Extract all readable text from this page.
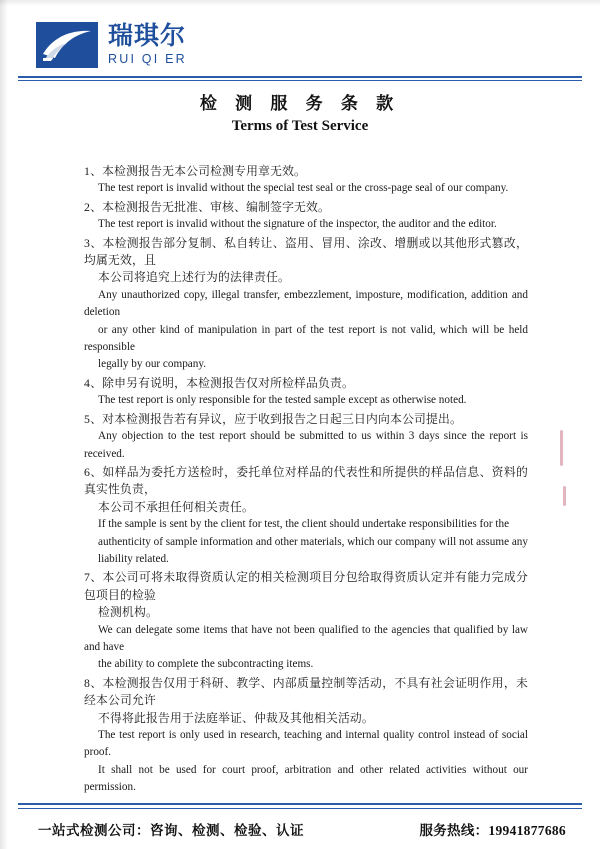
瑞琪尔
RUI QI ER
检 测 服 务 条 款
Terms of Test Service
1、本检测报告无本公司检测专用章无效。
The test report is invalid without the special test seal or the cross-page seal of our company.
2、本检测报告无批准、审核、编制签字无效。
The test report is invalid without the signature of the inspector, the auditor and the editor.
3、本检测报告部分复制、私自转让、盗用、冒用、涂改、增删或以其他形式篡改，均属无效，且
本公司将追究上述行为的法律责任。
Any unauthorized copy, illegal transfer, embezzlement, imposture, modification, addition and deletion
or any other kind of manipulation in part of the test report is not valid, which will be held responsible
legally by our company.
4、除申另有说明，本检测报告仅对所检样品负责。
The test report is only responsible for the tested sample except as otherwise noted.
5、对本检测报告若有异议，应于收到报告之日起三日内向本公司提出。
Any objection to the test report should be submitted to us within 3 days since the report is received.
6、如样品为委托方送检时，委托单位对样品的代表性和所提供的样品信息、资料的真实性负责，
本公司不承担任何相关责任。
If the sample is sent by the client for test, the client should undertake responsibilities for the
authenticity of sample information and other materials, which our company will not assume any
liability related.
7、本公司可将未取得资质认定的相关检测项目分包给取得资质认定并有能力完成分包项目的检验
检测机构。
We can delegate some items that have not been qualified to the agencies that qualified by law and have
the ability to complete the subcontracting items.
8、本检测报告仅用于科研、教学、内部质量控制等活动，不具有社会证明作用，未经本公司允许
不得将此报告用于法庭举证、仲裁及其他相关活动。
The test report is only used in research, teaching and internal quality control instead of social proof.
It shall not be used for court proof, arbitration and other related activities without our permission.
一站式检测公司：咨询、检测、检验、认证	服务热线：19941877686
